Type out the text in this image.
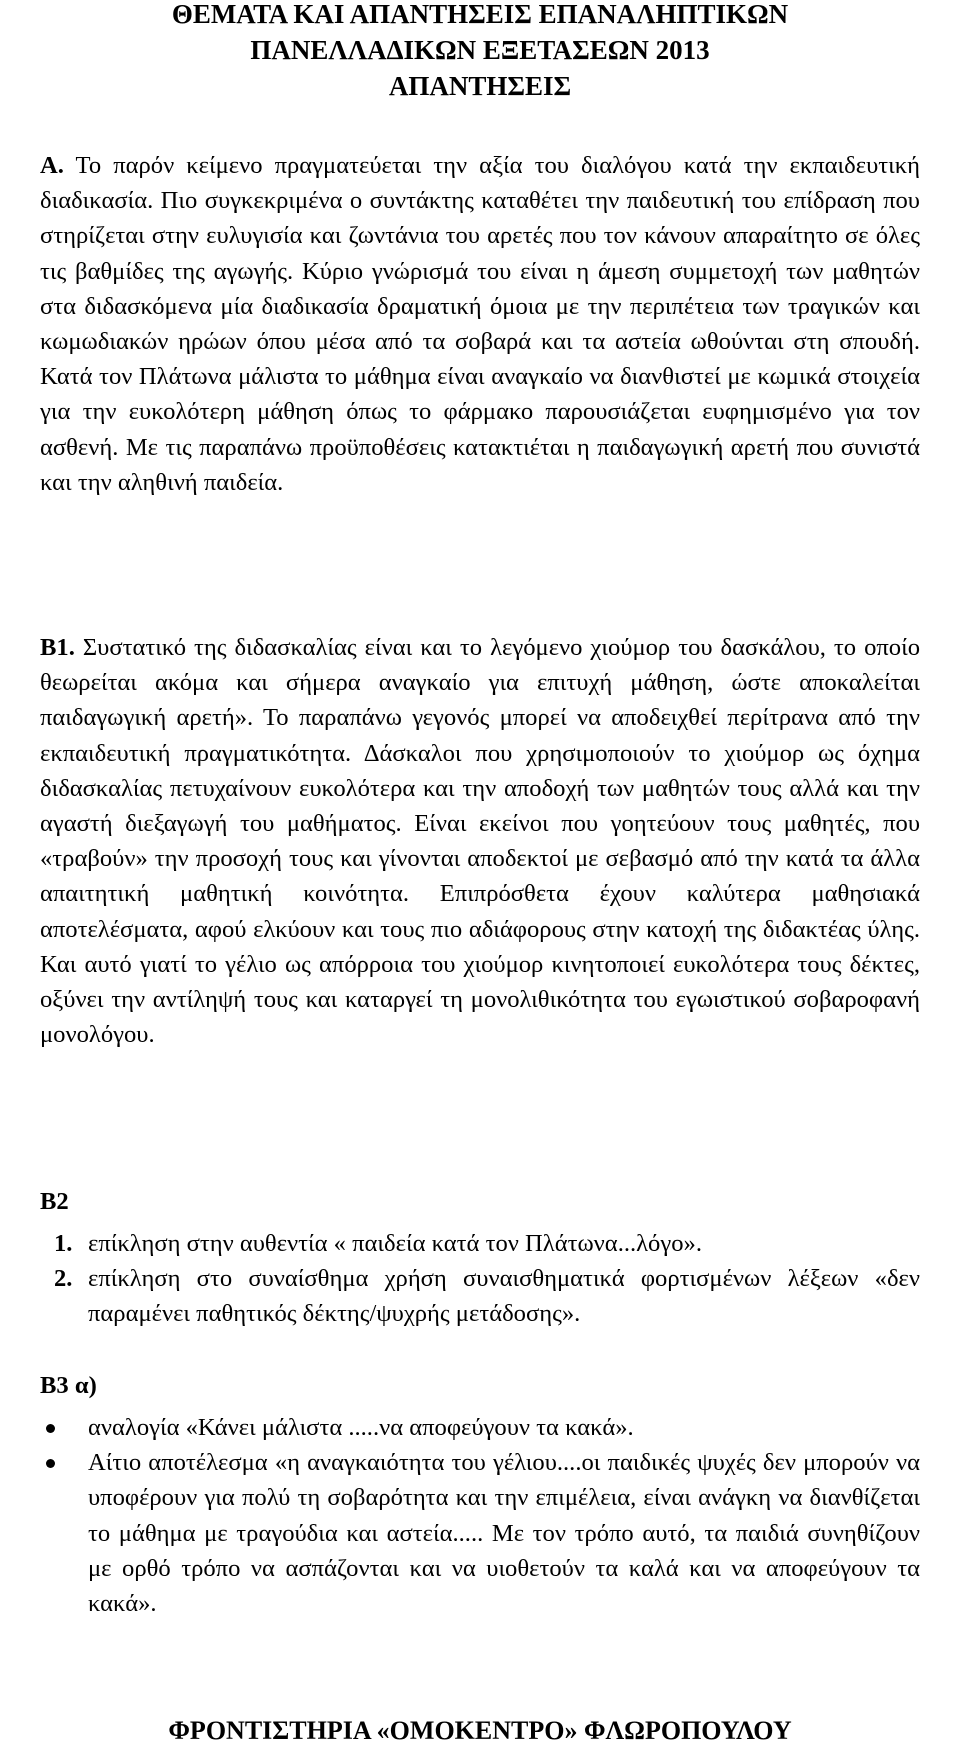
ΘΕΜΑΤΑ ΚΑΙ ΑΠΑΝΤΗΣΕΙΣ ΕΠΑΝΑΛΗΠΤΙΚΩΝ

ΠΑΝΕΛΛΑΔΙΚΩΝ ΕΞΕΤΑΣΕΩΝ 2013

ΑΠΑΝΤΗΣΕΙΣ

Α. Το παρόν κείμενο πραγματεύεται την αξία του διαλόγου κατά την εκπαιδευτική διαδικασία. Πιο συγκεκριμένα ο συντάκτης καταθέτει την παιδευτική του επίδραση που στηρίζεται στην ευλυγισία και ζωντάνια του αρετές που τον κάνουν απαραίτητο σε όλες τις βαθμίδες της αγωγής. Κύριο γνώρισμά του είναι η άμεση συμμετοχή των μαθητών στα διδασκόμενα μία διαδικασία δραματική όμοια με την περιπέτεια των τραγικών και κωμωδιακών ηρώων όπου μέσα από τα σοβαρά και τα αστεία ωθούνται στη σπουδή. Κατά τον Πλάτωνα μάλιστα το μάθημα είναι αναγκαίο να διανθιστεί με κωμικά στοιχεία για την ευκολότερη μάθηση όπως το φάρμακο παρουσιάζεται ευφημισμένο για τον ασθενή. Με τις παραπάνω προϋποθέσεις κατακτιέται η παιδαγωγική αρετή που συνιστά και την αληθινή παιδεία.

Β1. Συστατικό της διδασκαλίας είναι και το λεγόμενο χιούμορ του δασκάλου, το οποίο θεωρείται ακόμα και σήμερα αναγκαίο για επιτυχή μάθηση, ώστε αποκαλείται παιδαγωγική αρετή». Το παραπάνω γεγονός μπορεί να αποδειχθεί περίτρανα από την εκπαιδευτική πραγματικότητα. Δάσκαλοι που χρησιμοποιούν το χιούμορ ως όχημα διδασκαλίας πετυχαίνουν ευκολότερα και την αποδοχή των μαθητών τους αλλά και την αγαστή διεξαγωγή του μαθήματος. Είναι εκείνοι που γοητεύουν τους μαθητές, που «τραβούν» την προσοχή τους και γίνονται αποδεκτοί με σεβασμό από την κατά τα άλλα απαιτητική μαθητική κοινότητα. Επιπρόσθετα έχουν καλύτερα μαθησιακά αποτελέσματα, αφού ελκύουν και τους πιο αδιάφορους στην κατοχή της διδακτέας ύλης. Και αυτό γιατί το γέλιο ως απόρροια του χιούμορ κινητοποιεί ευκολότερα τους δέκτες, οξύνει την αντίληψή τους και καταργεί τη μονολιθικότητα του εγωιστικού σοβαροφανή μονολόγου.

Β2

1. επίκληση στην αυθεντία « παιδεία κατά τον Πλάτωνα...λόγο».
2. επίκληση στο συναίσθημα χρήση συναισθηματικά φορτισμένων λέξεων «δεν παραμένει παθητικός δέκτης/ψυχρής μετάδοσης».

Β3 α)

αναλογία «Κάνει μάλιστα .....να αποφεύγουν τα κακά».
Αίτιο αποτέλεσμα «η αναγκαιότητα του γέλιου....οι παιδικές ψυχές δεν μπορούν να υποφέρουν για πολύ τη σοβαρότητα και την επιμέλεια, είναι ανάγκη να διανθίζεται το μάθημα με τραγούδια και αστεία..... Με τον τρόπο αυτό, τα παιδιά συνηθίζουν με ορθό τρόπο να ασπάζονται και να υιοθετούν τα καλά και να αποφεύγουν τα κακά».

ΦΡΟΝΤΙΣΤΗΡΙΑ «ΟΜΟΚΕΝΤΡΟ» ΦΛΩΡΟΠΟΥΛΟΥ
